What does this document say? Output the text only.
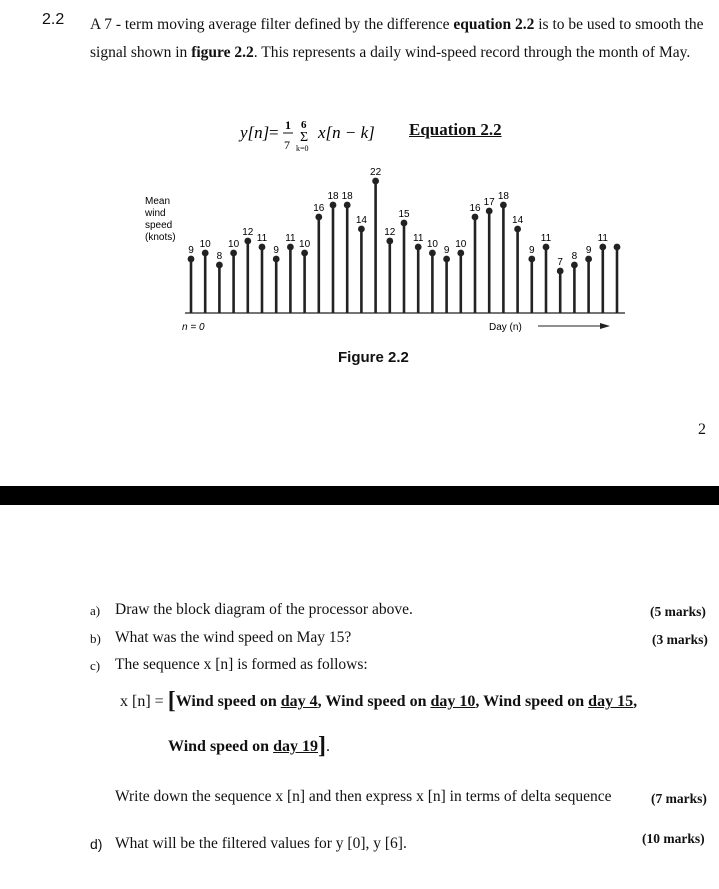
2.2 A 7 - term moving average filter defined by the difference equation 2.2 is to be used to smooth the signal shown in figure 2.2. This represents a daily wind-speed record through the month of May.
y[n] = 1
7
6
Σ
k=0
x[n − k] Equation 2.2
Mean
wind
speed
(knots)
9
10
8
10
12
11
9
11
10
16
18 18
14
22
12
15
11
10
9
10
16
17
18
14
9
11
7
8
9
11
n = 0	Day (n)
Figure 2.2
2
a) Draw the block diagram of the processor above.	(5 marks)
b) What was the wind speed on May 15?	(3 marks)
c) The sequence x [n] is formed as follows:
x [n] = [Wind speed on day 4, Wind speed on day 10, Wind speed on day 15,
Wind speed on day 19].
Write down the sequence x [n] and then express x [n] in terms of delta sequence	(7 marks)
d) What will be the filtered values for y [0], y [6].	(10 marks)
